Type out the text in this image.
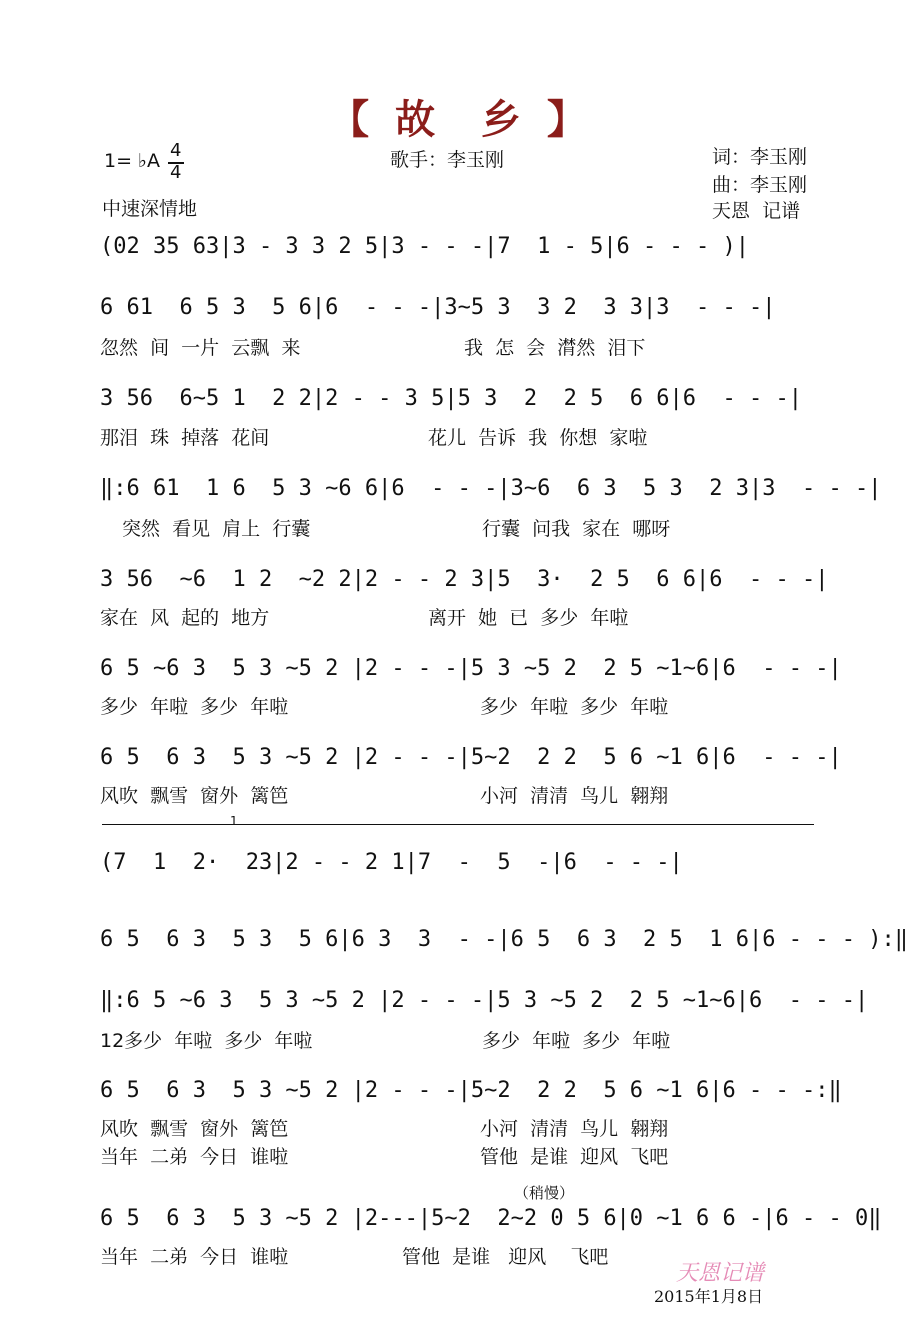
【 故  乡 】
1= ♭A 4
4
中速深情地
歌手：李玉刚	词：李玉刚
曲：李玉刚
天恩  记谱
(02 35 63|3 - 3 3 2 5|3 - - -|7  1 - 5|6 - - - )|
6 61  6 5 3  5 6|6  - - -|3~5 3  3 2  3 3|3  - - -|
忽然  间  一片  云飘  来	我  怎  会  潸然  泪下
3 56  6~5 1  2 2|2 - - 3 5|5 3  2  2 5  6 6|6  - - -|
那泪  珠  掉落  花间	花儿  告诉  我  你想  家啦
‖:6 61  1 6  5 3 ~6 6|6  - - -|3~6  6 3  5 3  2 3|3  - - -|
突然  看见  肩上  行囊	行囊  问我  家在  哪呀
3 56  ~6  1 2  ~2 2|2 - - 2 3|5  3·  2 5  6 6|6  - - -|
家在  风  起的  地方	离开  她  已  多少  年啦
6 5 ~6 3  5 3 ~5 2 |2 - - -|5 3 ~5 2  2 5 ~1~6|6  - - -|
多少  年啦  多少  年啦	多少  年啦  多少  年啦
6 5  6 3  5 3 ~5 2 |2 - - -|5~2  2 2  5 6 ~1 6|6  - - -|
风吹  飘雪  窗外  篱笆	小河  清清  鸟儿  翱翔
1
(7  1  2·  23|2 - - 2 1|7  -  5  -|6  - - -|
6 5  6 3  5 3  5 6|6 3  3  - -|6 5  6 3  2 5  1 6|6 - - - ):‖
‖:6 5 ~6 3  5 3 ~5 2 |2 - - -|5 3 ~5 2  2 5 ~1~6|6  - - -|
12多少  年啦  多少  年啦	多少  年啦  多少  年啦
6 5  6 3  5 3 ~5 2 |2 - - -|5~2  2 2  5 6 ~1 6|6 - - -:‖
风吹  飘雪  窗外  篱笆	小河  清清  鸟儿  翱翔
当年  二弟  今日  谁啦	管他  是谁  迎风  飞吧
（稍慢）
6 5  6 3  5 3 ~5 2 |2---|5~2  2~2 0 5 6|0 ~1 6 6 -|6 - - 0‖
当年  二弟  今日  谁啦	管他  是谁   迎风    飞吧
天恩记谱
2015年1月8日
